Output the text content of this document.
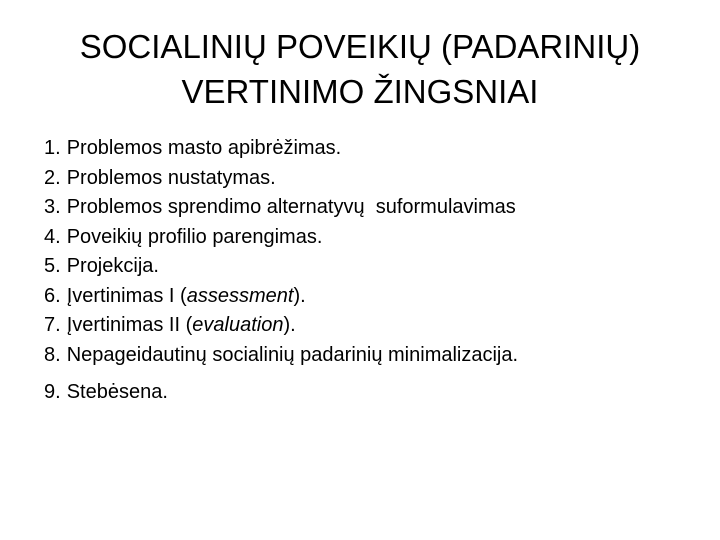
SOCIALINIŲ POVEIKIŲ (PADARINIŲ)
VERTINIMO ŽINGSNIAI
1. Problemos masto apibrėžimas.
2. Problemos nustatymas.
3. Problemos sprendimo alternatyvų  suformulavimas
4. Poveikių profilio parengimas.
5. Projekcija.
6. Įvertinimas I (assessment).
7. Įvertinimas II (evaluation).
8. Nepageidautinų socialinių padarinių minimalizacija.
9. Stebėsena.
